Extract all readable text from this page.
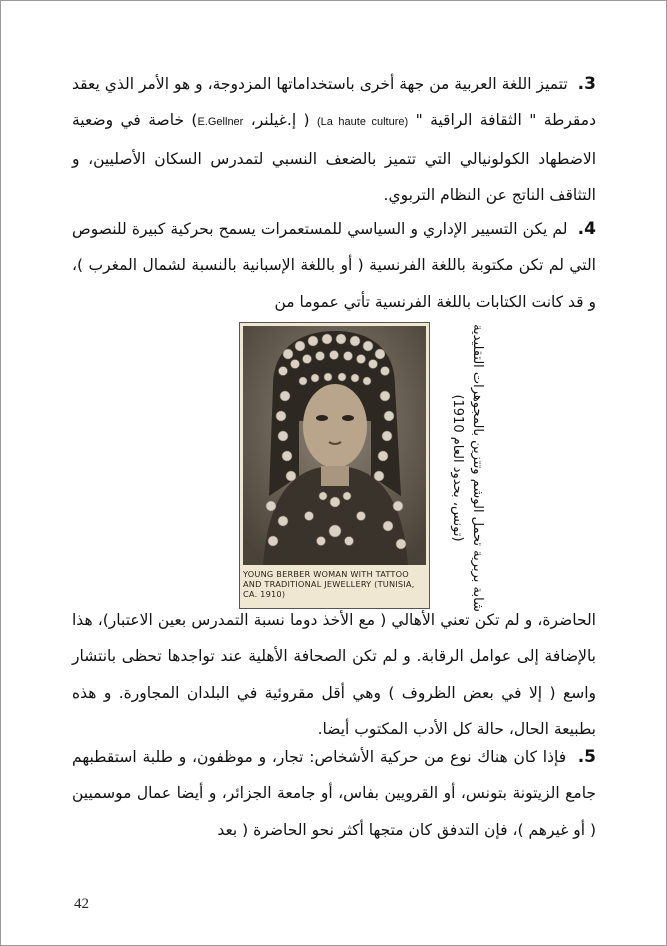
3.  تتميز اللغة العربية من جهة أخرى باستخداماتها المزدوجة، و هو الأمر الذي يعقد دمقرطة " الثقافة الراقية " (La haute culture) ( إ.غيلنر، E.Gellner) خاصة في وضعية الاضطهاد الكولونيالي التي تتميز بالضعف النسبي لتمدرس السكان الأصليين، و التثاقف الناتج عن النظام التربوي.

4.  لم يكن التسيير الإداري و السياسي للمستعمرات يسمح بحركية كبيرة للنصوص التي لم تكن مكتوبة باللغة الفرنسية ( أو باللغة الإسبانية بالنسبة لشمال المغرب )، و قد كانت الكتابات باللغة الفرنسية تأتي عموما من

YOUNG BERBER WOMAN WITH TATTOO AND TRADITIONAL JEWELLERY (TUNISIA, CA. 1910)	شابة بربرية تحمل الوشم وتتزين بالمجوهرات التقليدية (تونس، بحدود العام 1910)

الحاضرة، و لم تكن تعني الأهالي ( مع الأخذ دوما نسبة التمدرس بعين الاعتبار)، هذا بالإضافة إلى عوامل الرقابة. و لم تكن الصحافة الأهلية عند تواجدها تحظى بانتشار واسع ( إلا في بعض الظروف ) وهي أقل مقروئية في البلدان المجاورة. و هذه بطبيعة الحال، حالة كل الأدب المكتوب أيضا.

5.  فإذا كان هناك نوع من حركية الأشخاص: تجار، و موظفون، و طلبة استقطبهم جامع الزيتونة بتونس، أو القرويين بفاس، أو جامعة الجزائر، و أيضا عمال موسميين ( أو غيرهم )، فإن التدفق كان متجها أكثر نحو الحاضرة ( بعد

42
